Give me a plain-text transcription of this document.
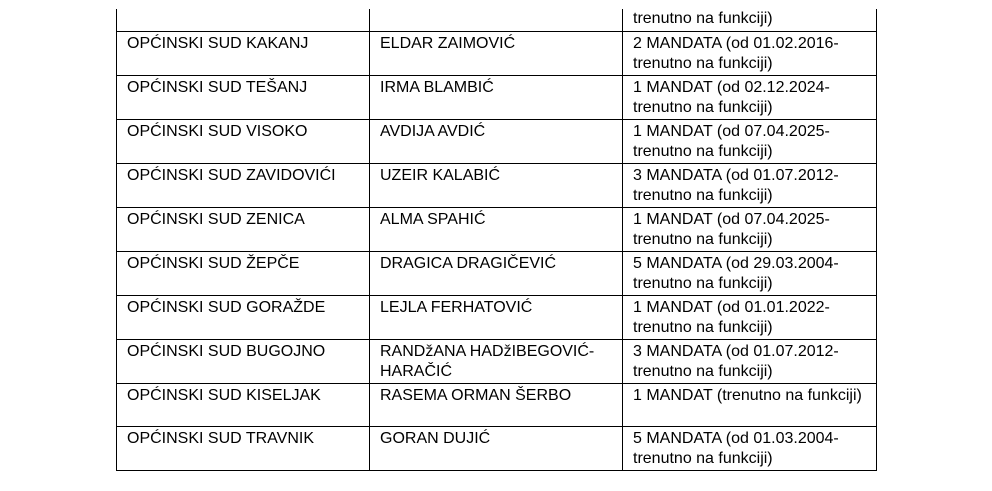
		trenutno na funkciji)
OPĆINSKI SUD KAKANJ	ELDAR ZAIMOVIĆ	2 MANDATA (od 01.02.2016-trenutno na funkciji)
OPĆINSKI SUD TEŠANJ	IRMA BLAMBIĆ	1 MANDAT (od 02.12.2024-trenutno na funkciji)
OPĆINSKI SUD VISOKO	AVDIJA AVDIĆ	1 MANDAT (od 07.04.2025-trenutno na funkciji)
OPĆINSKI SUD ZAVIDOVIĆI	UZEIR KALABIĆ	3 MANDATA (od 01.07.2012-trenutno na funkciji)
OPĆINSKI SUD ZENICA	ALMA SPAHIĆ	1 MANDAT (od 07.04.2025-trenutno na funkciji)
OPĆINSKI SUD ŽEPČE	DRAGICA DRAGIČEVIĆ	5 MANDATA (od 29.03.2004-trenutno na funkciji)
OPĆINSKI SUD GORAŽDE	LEJLA FERHATOVIĆ	1 MANDAT (od 01.01.2022-trenutno na funkciji)
OPĆINSKI SUD BUGOJNO	RANDžANA HADžIBEGOVIĆ-HARAČIĆ	3 MANDATA (od 01.07.2012-trenutno na funkciji)
OPĆINSKI SUD KISELJAK	RASEMA ORMAN ŠERBO	1 MANDAT (trenutno na funkciji)
OPĆINSKI SUD TRAVNIK	GORAN DUJIĆ	5 MANDATA (od 01.03.2004-trenutno na funkciji)
